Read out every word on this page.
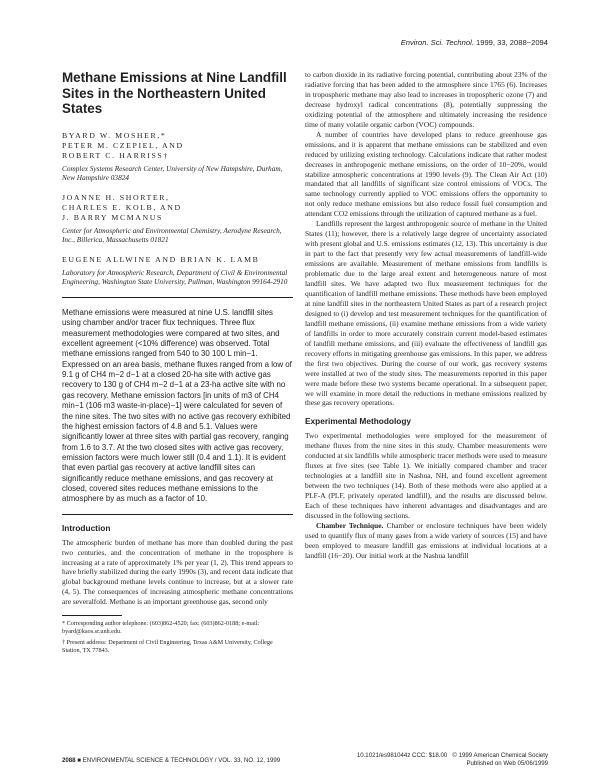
Environ. Sci. Technol. 1999, 33, 2088−2094
Methane Emissions at Nine Landfill Sites in the Northeastern United States
BYARD W. MOSHER,*
PETER M. CZEPIEL, AND
ROBERT C. HARRISS†
Complex Systems Research Center, University of New Hampshire, Durham, New Hampshire 03824
JOANNE H. SHORTER,
CHARLES E. KOLB, AND
J. BARRY MCMANUS
Center for Atmospheric and Environmental Chemistry, Aerodyne Research, Inc., Billerica, Massachusetts 01821
EUGENE ALLWINE AND BRIAN K. LAMB
Laboratory for Atmospheric Research, Department of Civil & Environmental Engineering, Washington State University, Pullman, Washington 99164-2910

Methane emissions were measured at nine U.S. landfill sites using chamber and/or tracer flux techniques. Three flux measurement methodologies were compared at two sites, and excellent agreement (<10% difference) was observed. Total methane emissions ranged from 540 to 30 100 L min−1. Expressed on an area basis, methane fluxes ranged from a low of 9.1 g of CH4 m−2 d−1 at a closed 20-ha site with active gas recovery to 130 g of CH4 m−2 d−1 at a 23-ha active site with no gas recovery. Methane emission factors [in units of m3 of CH4 min−1 (106 m3 waste-in-place)−1] were calculated for seven of the nine sites. The two sites with no active gas recovery exhibited the highest emission factors of 4.8 and 5.1. Values were significantly lower at three sites with partial gas recovery, ranging from 1.6 to 3.7. At the two closed sites with active gas recovery, emission factors were much lower still (0.4 and 1.1). It is evident that even partial gas recovery at active landfill sites can significantly reduce methane emissions, and gas recovery at closed, covered sites reduces methane emissions to the atmosphere by as much as a factor of 10.

Introduction

The atmospheric burden of methane has more than doubled during the past two centuries, and the concentration of methane in the troposphere is increasing at a rate of approximately 1% per year (1, 2). This trend appears to have briefly stabilized during the early 1990s (3), and recent data indicate that global background methane levels continue to increase, but at a slower rate (4, 5). The consequences of increasing atmospheric methane concentrations are severalfold. Methane is an important greenhouse gas, second only

* Corresponding author telephone: (603)862-4520; fax: (603)862-0188; e-mail: byard@kaos.sr.unh.edu.

† Present address: Department of Civil Engineering, Texas A&M University, College Station, TX 77843.

to carbon dioxide in its radiative forcing potential, contributing about 23% of the radiative forcing that has been added to the atmosphere since 1765 (6). Increases in tropospheric methane may also lead to increases in tropospheric ozone (7) and decrease hydroxyl radical concentrations (8), potentially suppressing the oxidizing potential of the atmosphere and ultimately increasing the residence time of many volatile organic carbon (VOC) compounds.

A number of countries have developed plans to reduce greenhouse gas emissions, and it is apparent that methane emissions can be stabilized and even reduced by utilizing existing technology. Calculations indicate that rather modest decreases in anthropogenic methane emissions, on the order of 10−20%, would stabilize atmospheric concentrations at 1990 levels (9). The Clean Air Act (10) mandated that all landfills of significant size control emissions of VOCs. The same technology currently applied to VOC emissions offers the opportunity to not only reduce methane emissions but also reduce fossil fuel consumption and attendant CO2 emissions through the utilization of captured methane as a fuel.

Landfills represent the largest anthropogenic source of methane in the United States (11); however, there is a relatively large degree of uncertainty associated with present global and U.S. emissions estimates (12, 13). This uncertainty is due in part to the fact that presently very few actual measurements of landfill-wide emissions are available. Measurement of methane emissions from landfills is problematic due to the large areal extent and heterogeneous nature of most landfill sites. We have adapted two flux measurement techniques for the quantification of landfill methane emissions. These methods have been employed at nine landfill sites in the northeastern United States as part of a research project designed to (i) develop and test measurement techniques for the quantification of landfill methane emissions, (ii) examine methane emissions from a wide variety of landfills in order to more accurately constrain current model-based estimates of landfill methane emissions, and (iii) evaluate the effectiveness of landfill gas recovery efforts in mitigating greenhouse gas emissions. In this paper, we address the first two objectives. During the course of our work, gas recovery systems were installed at two of the study sites. The measurements reported in this paper were made before these two systems became operational. In a subsequent paper, we will examine in more detail the reductions in methane emissions realized by these gas recovery operations.

Experimental Methodology

Two experimental methodologies were employed for the measurement of methane fluxes from the nine sites in this study. Chamber measurements were conducted at six landfills while atmospheric tracer methods were used to measure fluxes at five sites (see Table 1). We initially compared chamber and tracer technologies at a landfill site in Nashua, NH, and found excellent agreement between the two techniques (14). Both of these methods were also applied at a PLF-A (PLF, privately operated landfill), and the results are discussed below. Each of these techniques have inherent advantages and disadvantages and are discussed in the following sections.

Chamber Technique. Chamber or enclosure techniques have been widely used to quantify flux of many gases from a wide variety of sources (15) and have been employed to measure landfill gas emissions at individual locations at a landfill (16−20). Our initial work at the Nashua landfill

2088 ■ ENVIRONMENTAL SCIENCE & TECHNOLOGY / VOL. 33, NO. 12, 1999
10.1021/es981044z CCC: $18.00 © 1999 American Chemical Society
Published on Web 05/06/1999
